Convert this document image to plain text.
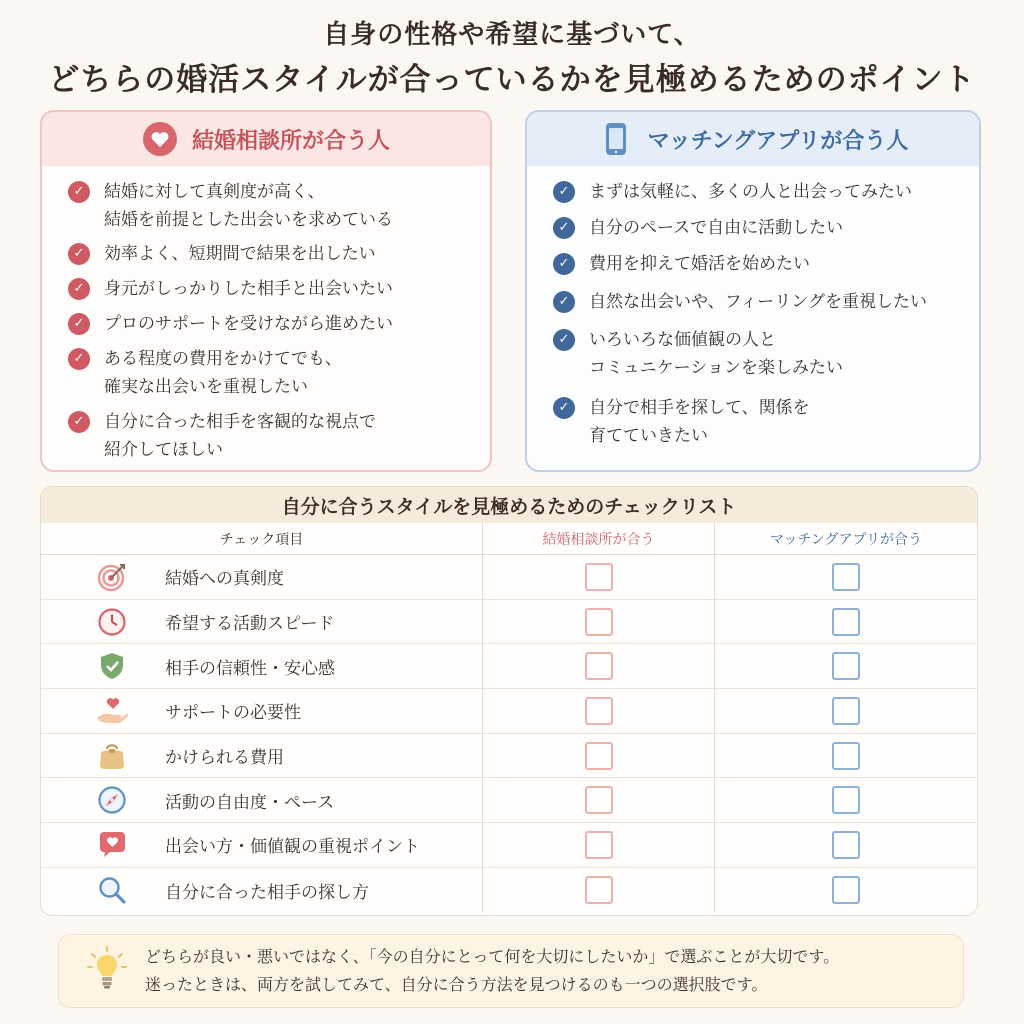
自身の性格や希望に基づいて、
どちらの婚活スタイルが合っているかを見極めるためのポイント
結婚相談所が合う人
✓	結婚に対して真剣度が高く、
結婚を前提とした出会いを求めている
✓	効率よく、短期間で結果を出したい
✓	身元がしっかりした相手と出会いたい
✓	プロのサポートを受けながら進めたい
✓	ある程度の費用をかけてでも、
確実な出会いを重視したい
✓	自分に合った相手を客観的な視点で
紹介してほしい
マッチングアプリが合う人
✓	まずは気軽に、多くの人と出会ってみたい
✓	自分のペースで自由に活動したい
✓	費用を抑えて婚活を始めたい
✓	自然な出会いや、フィーリングを重視したい
✓	いろいろな価値観の人と
コミュニケーションを楽しみたい
✓	自分で相手を探して、関係を
育てていきたい
自分に合うスタイルを見極めるためのチェックリスト
チェック項目	結婚相談所が合う	マッチングアプリが合う
結婚への真剣度
希望する活動スピード
相手の信頼性・安心感
サポートの必要性
かけられる費用
活動の自由度・ペース
出会い方・価値観の重視ポイント
自分に合った相手の探し方
どちらが良い・悪いではなく、「今の自分にとって何を大切にしたいか」で選ぶことが大切です。
迷ったときは、両方を試してみて、自分に合う方法を見つけるのも一つの選択肢です。
